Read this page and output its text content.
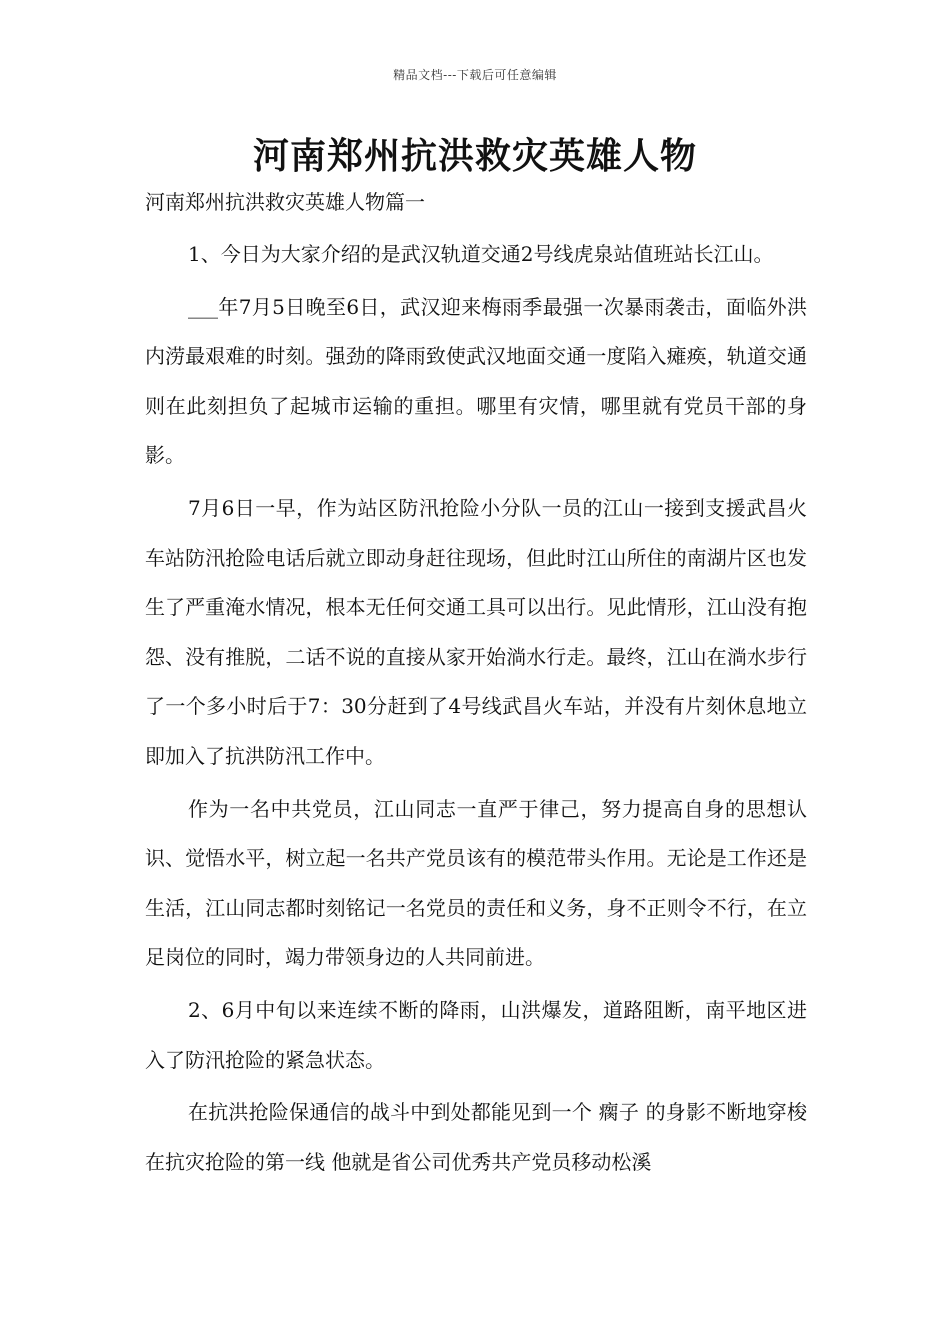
精品文档---下载后可任意编辑
河南郑州抗洪救灾英雄人物
河南郑州抗洪救灾英雄人物篇一

1、今日为大家介绍的是武汉轨道交通2号线虎泉站值班站长江山。

___年7月5日晚至6日，武汉迎来梅雨季最强一次暴雨袭击，面临外洪内涝最艰难的时刻。强劲的降雨致使武汉地面交通一度陷入瘫痪，轨道交通则在此刻担负了起城市运输的重担。哪里有灾情，哪里就有党员干部的身影。

7月6日一早，作为站区防汛抢险小分队一员的江山一接到支援武昌火车站防汛抢险电话后就立即动身赶往现场，但此时江山所住的南湖片区也发生了严重淹水情况，根本无任何交通工具可以出行。见此情形，江山没有抱怨、没有推脱，二话不说的直接从家开始淌水行走。最终，江山在淌水步行了一个多小时后于7：30分赶到了4号线武昌火车站，并没有片刻休息地立即加入了抗洪防汛工作中。

作为一名中共党员，江山同志一直严于律己，努力提高自身的思想认识、觉悟水平，树立起一名共产党员该有的模范带头作用。无论是工作还是生活，江山同志都时刻铭记一名党员的责任和义务，身不正则令不行，在立足岗位的同时，竭力带领身边的人共同前进。

2、6月中旬以来连续不断的降雨，山洪爆发，道路阻断，南平地区进入了防汛抢险的紧急状态。

在抗洪抢险保通信的战斗中到处都能见到一个 瘸子 的身影不断地穿梭在抗灾抢险的第一线 他就是省公司优秀共产党员移动松溪
